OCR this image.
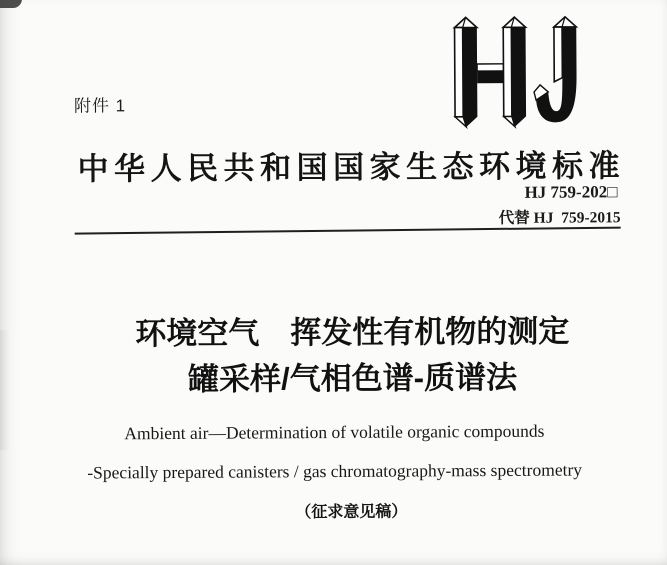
附件 1
中华人民共和国国家生态环境标准
HJ 759-202□
代替 HJ  759-2015
环境空气　挥发性有机物的测定
罐采样/气相色谱-质谱法
Ambient air—Determination of volatile organic compounds
-Specially prepared canisters / gas chromatography-mass spectrometry
（征求意见稿）
